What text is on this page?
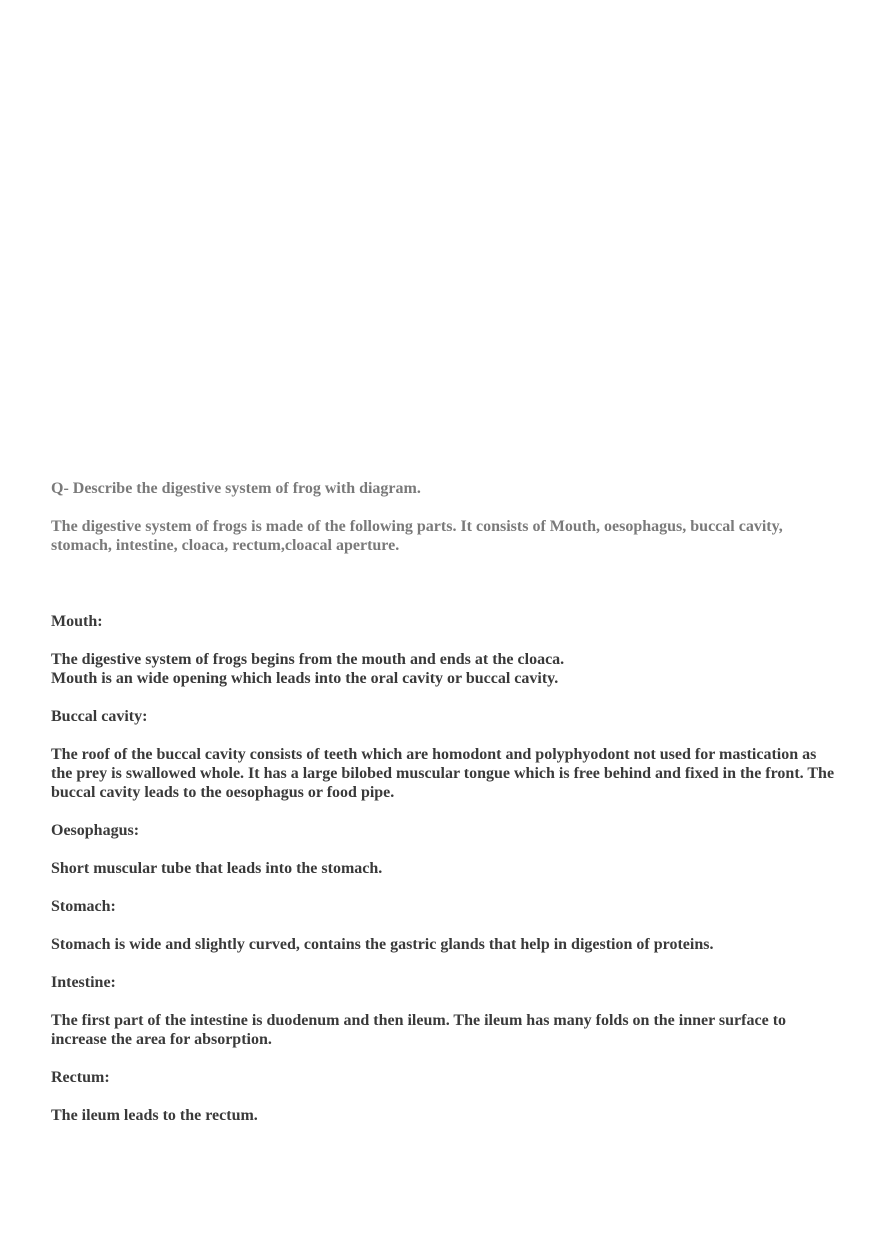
Q- Describe the digestive system of frog with diagram.

The digestive system of frogs is made of the following parts. It consists of Mouth, oesophagus, buccal cavity, stomach, intestine, cloaca, rectum,cloacal aperture.

Mouth:

The digestive system of frogs begins from the mouth and ends at the cloaca.
Mouth is an wide opening which leads into the oral cavity or buccal cavity.

Buccal cavity:

The roof of the buccal cavity consists of teeth which are homodont and polyphyodont not used for mastication as the prey is swallowed whole. It has a large bilobed muscular tongue which is free behind and fixed in the front. The buccal cavity leads to the oesophagus or food pipe.

Oesophagus:

Short muscular tube that leads into the stomach.

Stomach:

Stomach is wide and slightly curved, contains the gastric glands that help in digestion of proteins.

Intestine:

The first part of the intestine is duodenum and then ileum. The ileum has many folds on the inner surface to increase the area for absorption.

Rectum:

The ileum leads to the rectum.
